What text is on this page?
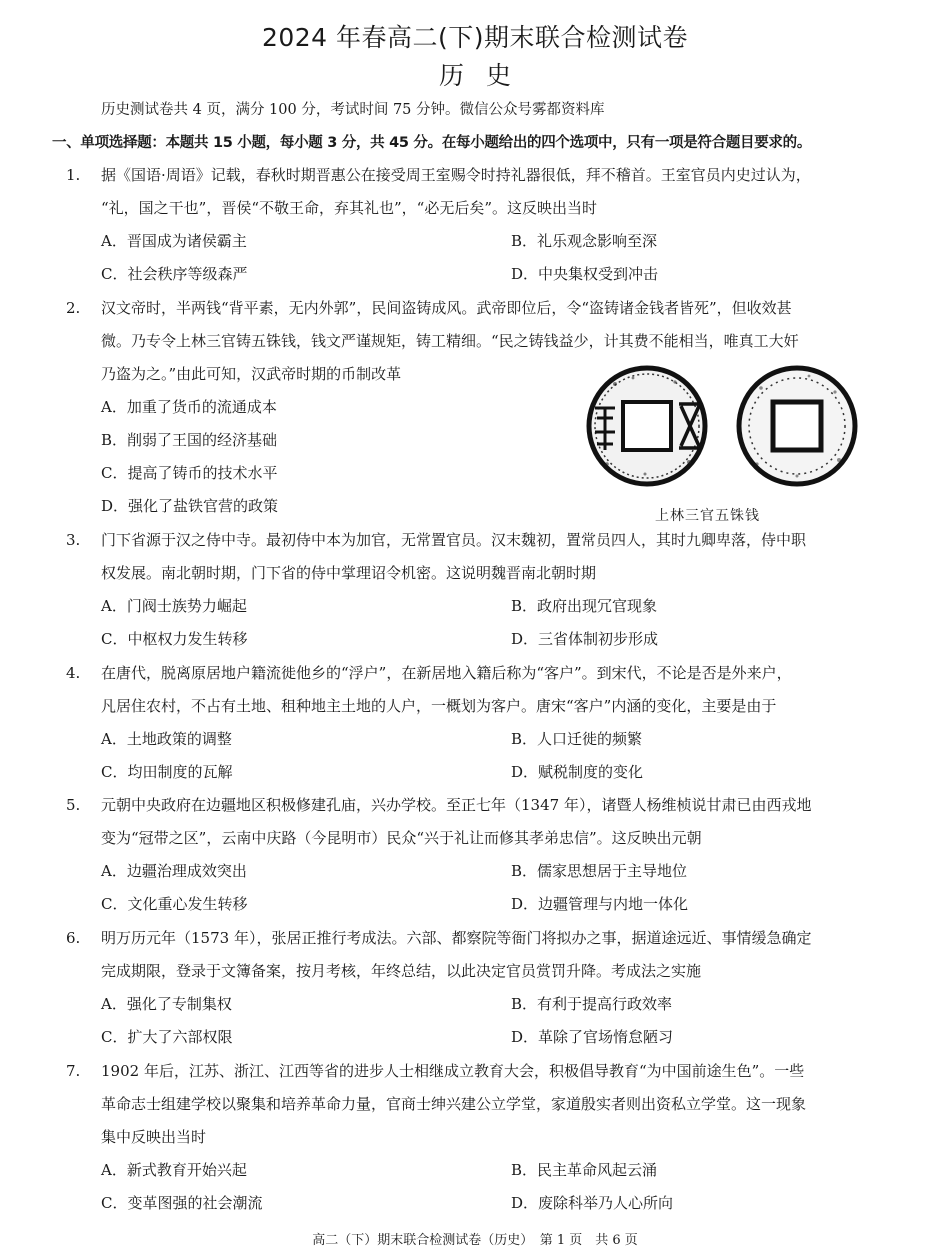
2024 年春高二(下)期末联合检测试卷
历史
历史测试卷共 4 页，满分 100 分，考试时间 75 分钟。微信公众号雾都资料库
一、单项选择题：本题共 15 小题，每小题 3 分，共 45 分。在每小题给出的四个选项中，只有一项是符合题目要求的。
1. 据《国语·周语》记载，春秋时期晋惠公在接受周王室赐令时持礼器很低，拜不稽首。王室官员内史过认为，
“礼，国之干也”，晋侯“不敬王命，弃其礼也”，“必无后矣”。这反映出当时
A．晋国成为诸侯霸主	B．礼乐观念影响至深
C．社会秩序等级森严	D．中央集权受到冲击
2. 汉文帝时，半两钱“背平素，无内外郭”，民间盗铸成风。武帝即位后，令“盗铸诸金钱者皆死”，但收效甚
微。乃专令上林三官铸五铢钱，钱文严谨规矩，铸工精细。“民之铸钱益少，计其费不能相当，唯真工大奸
乃盗为之。”由此可知，汉武帝时期的币制改革
A．加重了货币的流通成本
B．削弱了王国的经济基础
C．提高了铸币的技术水平
D．强化了盐铁官营的政策
上林三官五铢钱
3. 门下省源于汉之侍中寺。最初侍中本为加官，无常置官员。汉末魏初，置常员四人，其时九卿卑落，侍中职
权发展。南北朝时期，门下省的侍中掌理诏令机密。这说明魏晋南北朝时期
A．门阀士族势力崛起	B．政府出现冗官现象
C．中枢权力发生转移	D．三省体制初步形成
4. 在唐代，脱离原居地户籍流徙他乡的“浮户”，在新居地入籍后称为“客户”。到宋代，不论是否是外来户，
凡居住农村，不占有土地、租种地主土地的人户，一概划为客户。唐宋“客户”内涵的变化，主要是由于
A．土地政策的调整	B．人口迁徙的频繁
C．均田制度的瓦解	D．赋税制度的变化
5. 元朝中央政府在边疆地区积极修建孔庙，兴办学校。至正七年（1347 年），诸暨人杨维桢说甘肃已由西戎地
变为“冠带之区”，云南中庆路（今昆明市）民众“兴于礼让而修其孝弟忠信”。这反映出元朝
A．边疆治理成效突出	B．儒家思想居于主导地位
C．文化重心发生转移	D．边疆管理与内地一体化
6. 明万历元年（1573 年），张居正推行考成法。六部、都察院等衙门将拟办之事，据道途远近、事情缓急确定
完成期限，登录于文簿备案，按月考核，年终总结，以此决定官员赏罚升降。考成法之实施
A．强化了专制集权	B．有利于提高行政效率
C．扩大了六部权限	D．革除了官场惰怠陋习
7. 1902 年后，江苏、浙江、江西等省的进步人士相继成立教育大会，积极倡导教育“为中国前途生色”。一些
革命志士组建学校以聚集和培养革命力量，官商士绅兴建公立学堂，家道殷实者则出资私立学堂。这一现象
集中反映出当时
A．新式教育开始兴起	B．民主革命风起云涌
C．变革图强的社会潮流	D．废除科举乃人心所向
高二（下）期末联合检测试卷（历史）　第 1 页　共 6 页
